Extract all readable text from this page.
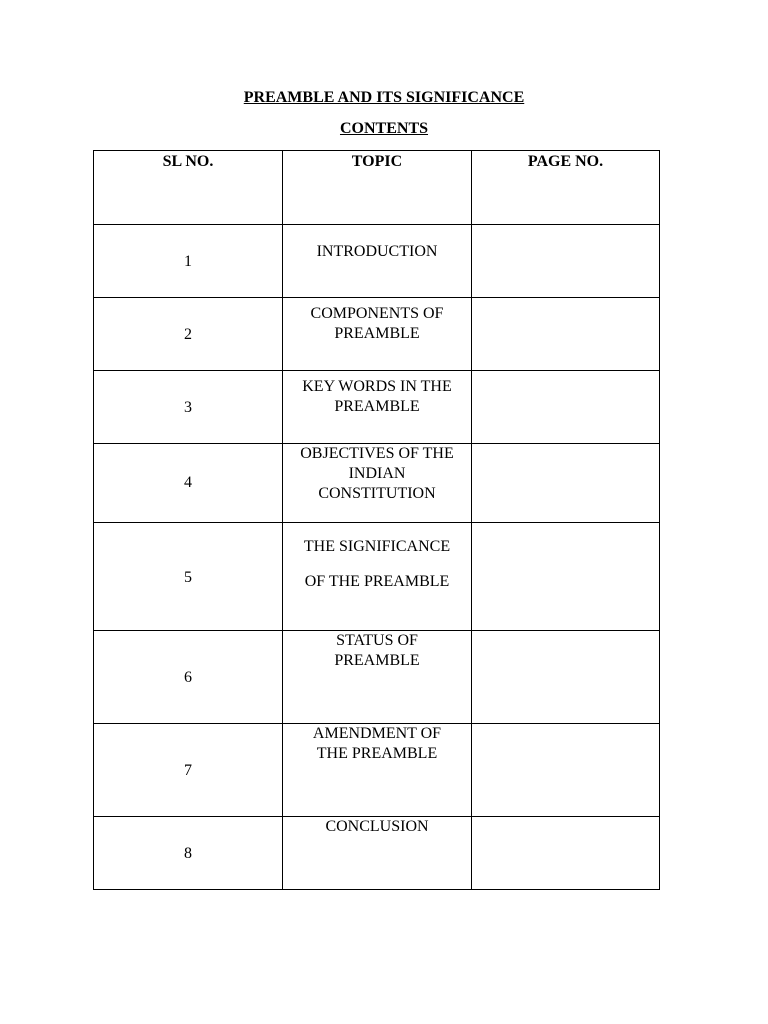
PREAMBLE AND ITS SIGNIFICANCE
CONTENTS
SL NO.	TOPIC	PAGE NO.
1	INTRODUCTION	

2	COMPONENTS OF
PREAMBLE	

3	KEY WORDS IN THE
PREAMBLE	

4	OBJECTIVES OF THE
INDIAN
CONSTITUTION	

5	THE SIGNIFICANCE
OF THE PREAMBLE	

6	STATUS OF
PREAMBLE	

7	AMENDMENT OF
THE PREAMBLE	

8	CONCLUSION	
